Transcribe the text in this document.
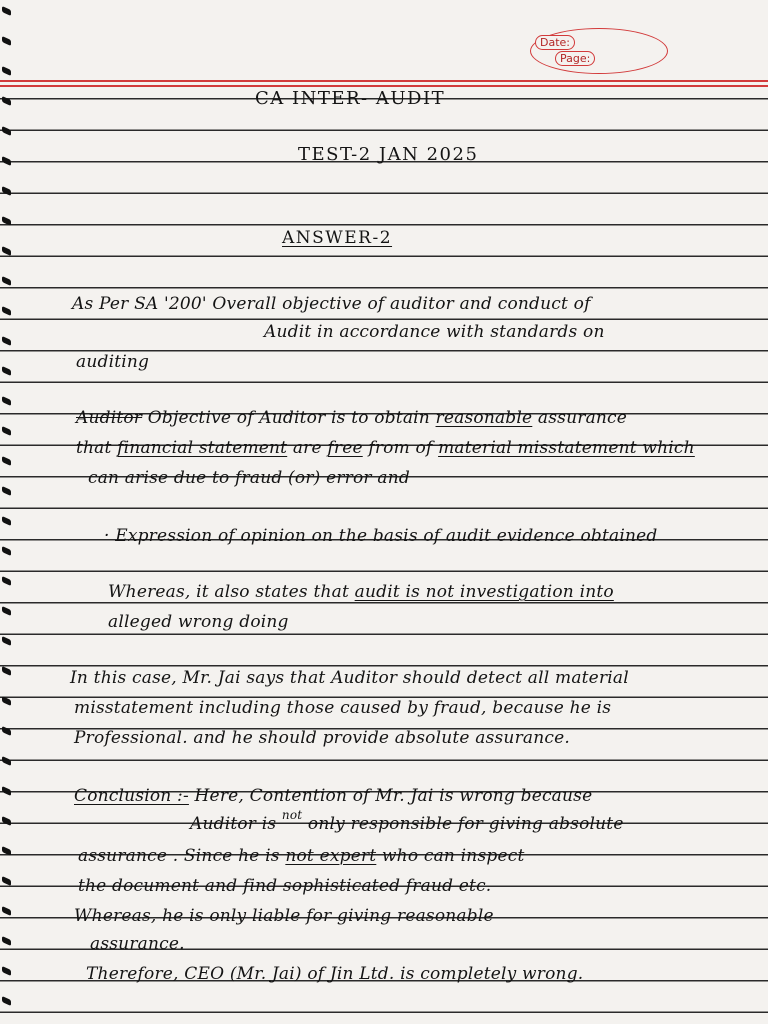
Date:
Page:
CA INTER- AUDIT
TEST-2 JAN 2025
ANSWER-2
As Per SA '200' Overall objective of auditor and conduct of
Audit in accordance with standards on
auditing
Auditor Objective of Auditor is to obtain reasonable assurance
that financial statement are free from of material misstatement which
can arise due to fraud (or) error and
· Expression of opinion on the basis of audit evidence obtained
Whereas, it also states that audit is not investigation into
alleged wrong doing
In this case, Mr. Jai says that Auditor should detect all material
misstatement including those caused by fraud, because he is
Professional. and he should provide absolute assurance.
Conclusion :- Here, Contention of Mr. Jai is wrong because
Auditor is $^{not}$ only responsible for giving absolute
assurance . Since he is not expert who can inspect
the document and find sophisticated fraud etc.
Whereas, he is only liable for giving reasonable
assurance.
Therefore, CEO (Mr. Jai) of Jin Ltd. is completely wrong.
